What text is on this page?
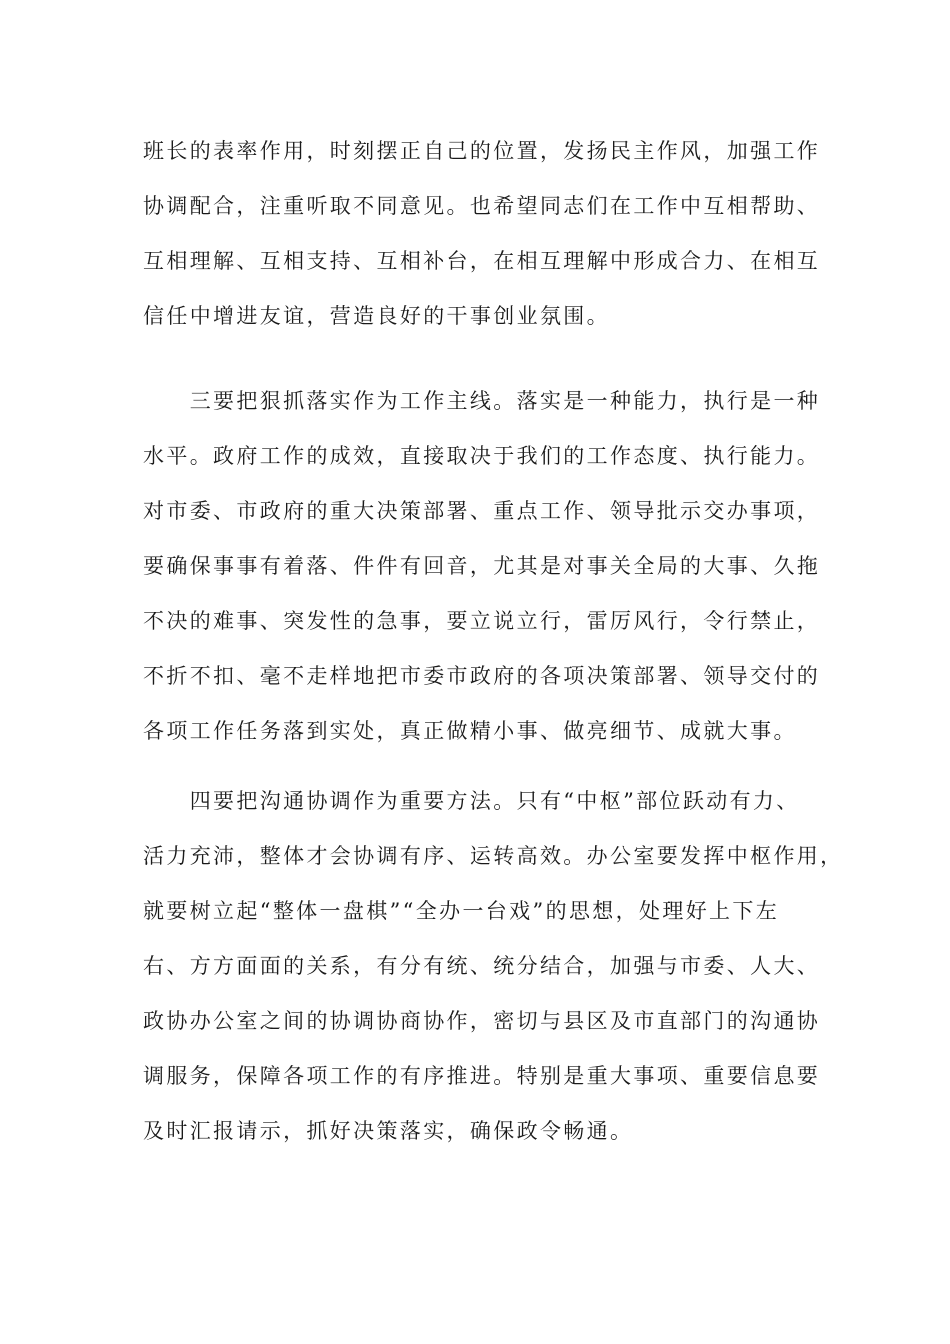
班长的表率作用，时刻摆正自己的位置，发扬民主作风，加强工作
协调配合，注重听取不同意见。也希望同志们在工作中互相帮助、
互相理解、互相支持、互相补台，在相互理解中形成合力、在相互
信任中增进友谊，营造良好的干事创业氛围。
　　三要把狠抓落实作为工作主线。落实是一种能力，执行是一种
水平。政府工作的成效，直接取决于我们的工作态度、执行能力。
对市委、市政府的重大决策部署、重点工作、领导批示交办事项，
要确保事事有着落、件件有回音，尤其是对事关全局的大事、久拖
不决的难事、突发性的急事，要立说立行，雷厉风行，令行禁止，
不折不扣、毫不走样地把市委市政府的各项决策部署、领导交付的
各项工作任务落到实处，真正做精小事、做亮细节、成就大事。
　　四要把沟通协调作为重要方法。只有“中枢”部位跃动有力、
活力充沛，整体才会协调有序、运转高效。办公室要发挥中枢作用，
就要树立起“整体一盘棋”“全办一台戏”的思想，处理好上下左
右、方方面面的关系，有分有统、统分结合，加强与市委、人大、
政协办公室之间的协调协商协作，密切与县区及市直部门的沟通协
调服务，保障各项工作的有序推进。特别是重大事项、重要信息要
及时汇报请示，抓好决策落实，确保政令畅通。
